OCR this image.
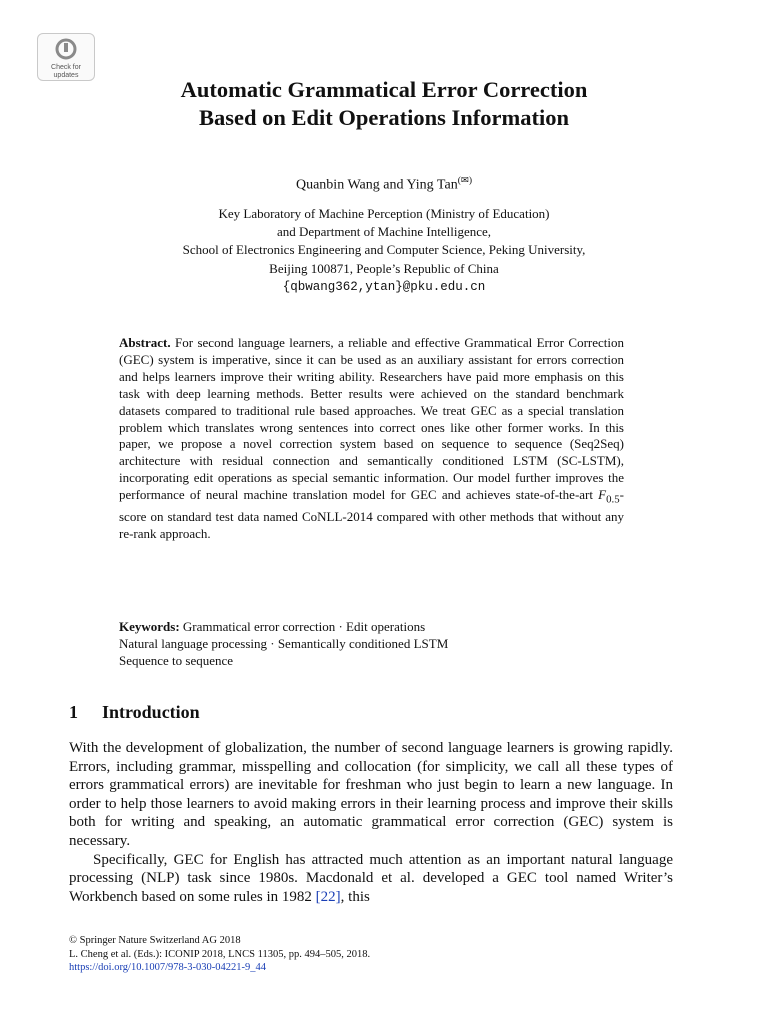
Check for
updates
Automatic Grammatical Error Correction
Based on Edit Operations Information
Quanbin Wang and Ying Tan(✉)
Key Laboratory of Machine Perception (Ministry of Education)
and Department of Machine Intelligence,
School of Electronics Engineering and Computer Science, Peking University,
Beijing 100871, People’s Republic of China
{qbwang362,ytan}@pku.edu.cn
Abstract. For second language learners, a reliable and effective Grammatical Error Correction (GEC) system is imperative, since it can be used as an auxiliary assistant for errors correction and helps learners improve their writing ability. Researchers have paid more emphasis on this task with deep learning methods. Better results were achieved on the standard benchmark datasets compared to traditional rule based approaches. We treat GEC as a special translation problem which translates wrong sentences into correct ones like other former works. In this paper, we propose a novel correction system based on sequence to sequence (Seq2Seq) architecture with residual connection and semantically conditioned LSTM (SC-LSTM), incorporating edit operations as special semantic information. Our model further improves the performance of neural machine translation model for GEC and achieves state-of-the-art $F_{0.5}$-score on standard test data named CoNLL-2014 compared with other methods that without any re-rank approach.
Keywords: Grammatical error correction · Edit operations
Natural language processing · Semantically conditioned LSTM
Sequence to sequence
1 Introduction

With the development of globalization, the number of second language learners is growing rapidly. Errors, including grammar, misspelling and collocation (for simplicity, we call all these types of errors grammatical errors) are inevitable for freshman who just begin to learn a new language. In order to help those learners to avoid making errors in their learning process and improve their skills both for writing and speaking, an automatic grammatical error correction (GEC) system is necessary.

Specifically, GEC for English has attracted much attention as an important natural language processing (NLP) task since 1980s. Macdonald et al. developed a GEC tool named Writer’s Workbench based on some rules in 1982 [22], this

© Springer Nature Switzerland AG 2018
L. Cheng et al. (Eds.): ICONIP 2018, LNCS 11305, pp. 494–505, 2018.
https://doi.org/10.1007/978-3-030-04221-9_44
